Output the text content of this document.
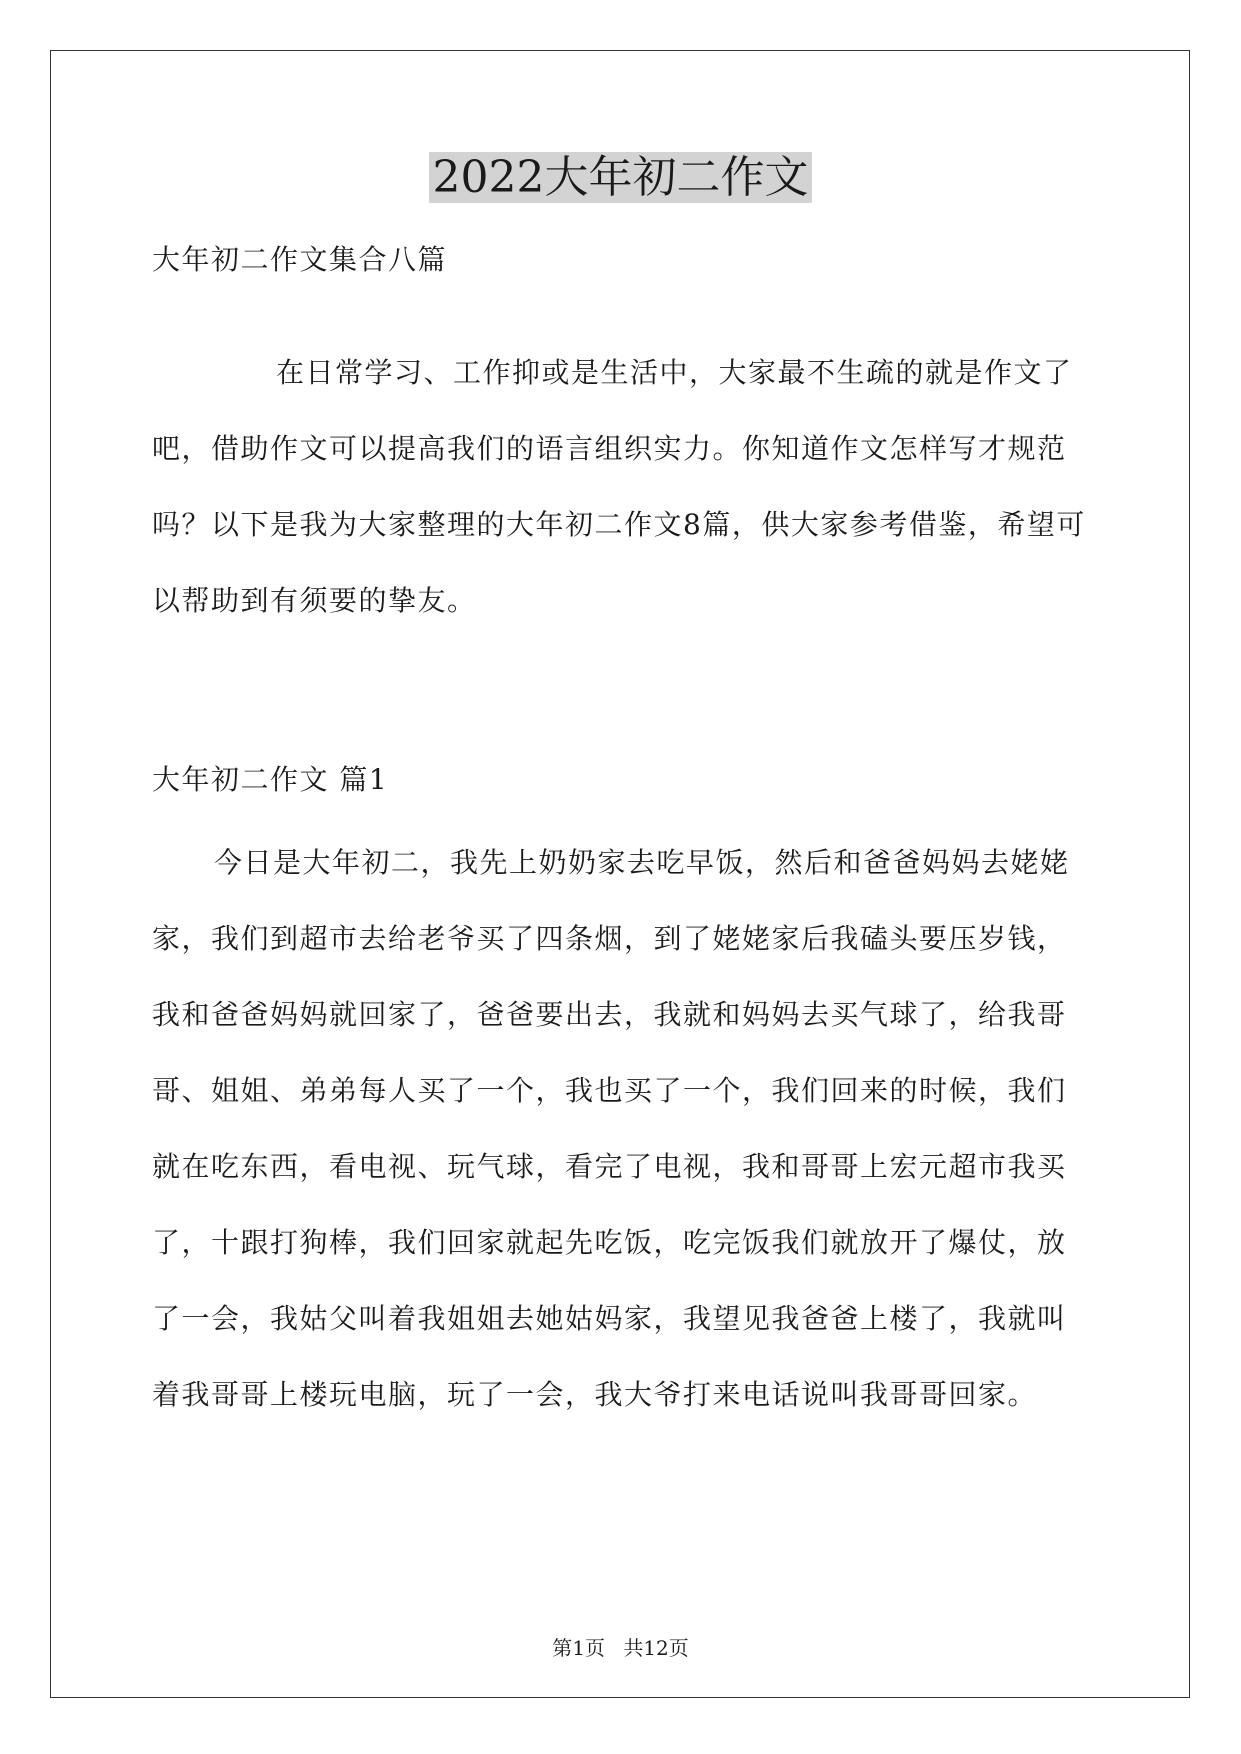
2022大年初二作文

大年初二作文集合八篇

在日常学习、工作抑或是生活中，大家最不生疏的就是作文了吧，借助作文可以提高我们的语言组织实力。你知道作文怎样写才规范吗？以下是我为大家整理的大年初二作文8篇，供大家参考借鉴，希望可以帮助到有须要的挚友。

大年初二作文 篇1

今日是大年初二，我先上奶奶家去吃早饭，然后和爸爸妈妈去姥姥家，我们到超市去给老爷买了四条烟，到了姥姥家后我磕头要压岁钱，我和爸爸妈妈就回家了，爸爸要出去，我就和妈妈去买气球了，给我哥哥、姐姐、弟弟每人买了一个，我也买了一个，我们回来的时候，我们就在吃东西，看电视、玩气球，看完了电视，我和哥哥上宏元超市我买了，十跟打狗棒，我们回家就起先吃饭，吃完饭我们就放开了爆仗，放了一会，我姑父叫着我姐姐去她姑妈家，我望见我爸爸上楼了，我就叫着我哥哥上楼玩电脑，玩了一会，我大爷打来电话说叫我哥哥回家。

第1页 共12页
